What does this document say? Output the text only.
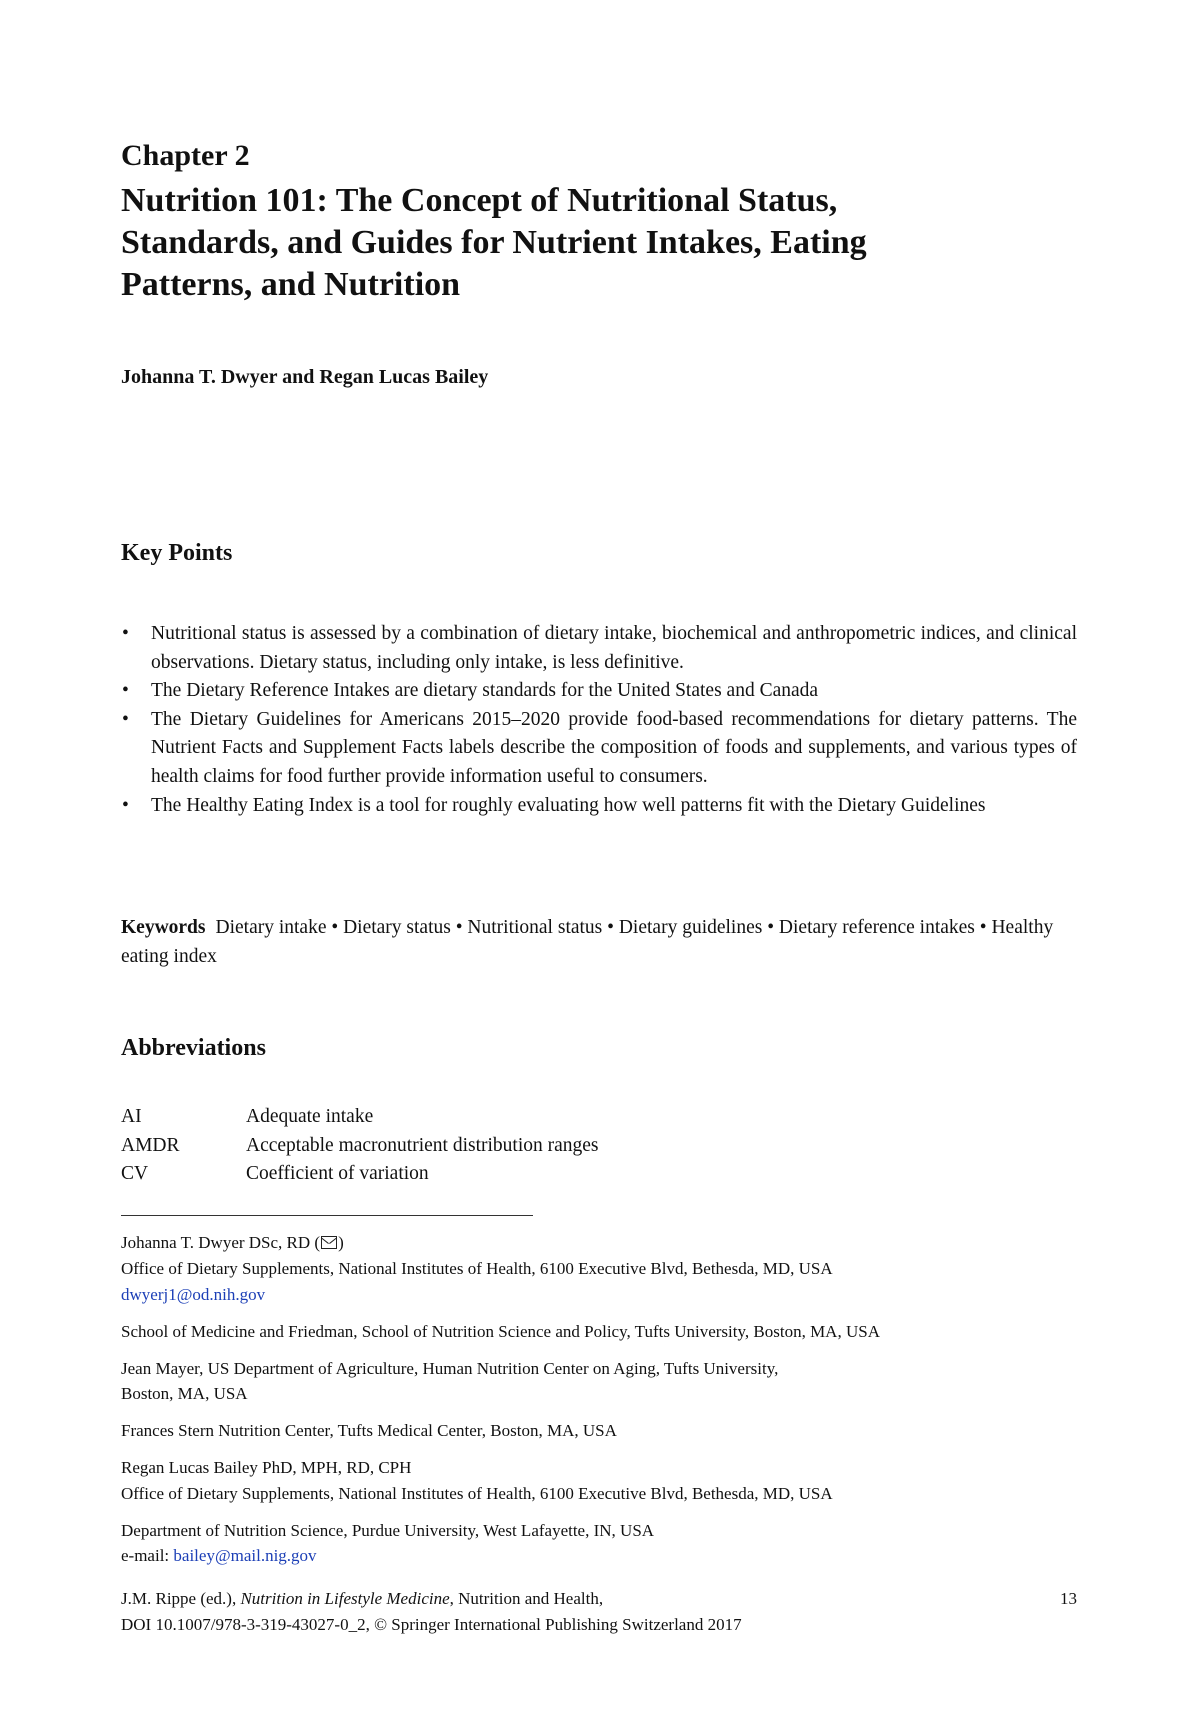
Chapter 2
Nutrition 101: The Concept of Nutritional Status,
Standards, and Guides for Nutrient Intakes, Eating
Patterns, and Nutrition
Johanna T. Dwyer and Regan Lucas Bailey
Key Points
• Nutritional status is assessed by a combination of dietary intake, biochemical and anthropometric indices, and clinical observations. Dietary status, including only intake, is less definitive.
• The Dietary Reference Intakes are dietary standards for the United States and Canada
• The Dietary Guidelines for Americans 2015–2020 provide food-based recommendations for dietary patterns. The Nutrient Facts and Supplement Facts labels describe the composition of foods and supplements, and various types of health claims for food further provide information useful to consumers.
• The Healthy Eating Index is a tool for roughly evaluating how well patterns fit with the Dietary Guidelines
Keywords Dietary intake • Dietary status • Nutritional status • Dietary guidelines • Dietary reference intakes • Healthy eating index
Abbreviations
AI	Adequate intake
AMDR	Acceptable macronutrient distribution ranges
CV	Coefficient of variation
Johanna T. Dwyer DSc, RD ( )
Office of Dietary Supplements, National Institutes of Health, 6100 Executive Blvd, Bethesda, MD, USA
dwyerj1@od.nih.gov
School of Medicine and Friedman, School of Nutrition Science and Policy, Tufts University, Boston, MA, USA
Jean Mayer, US Department of Agriculture, Human Nutrition Center on Aging, Tufts University,
Boston, MA, USA
Frances Stern Nutrition Center, Tufts Medical Center, Boston, MA, USA
Regan Lucas Bailey PhD, MPH, RD, CPH
Office of Dietary Supplements, National Institutes of Health, 6100 Executive Blvd, Bethesda, MD, USA
Department of Nutrition Science, Purdue University, West Lafayette, IN, USA
e-mail: bailey@mail.nig.gov
J.M. Rippe (ed.), Nutrition in Lifestyle Medicine, Nutrition and Health,
DOI 10.1007/978-3-319-43027-0_2, © Springer International Publishing Switzerland 2017
13
